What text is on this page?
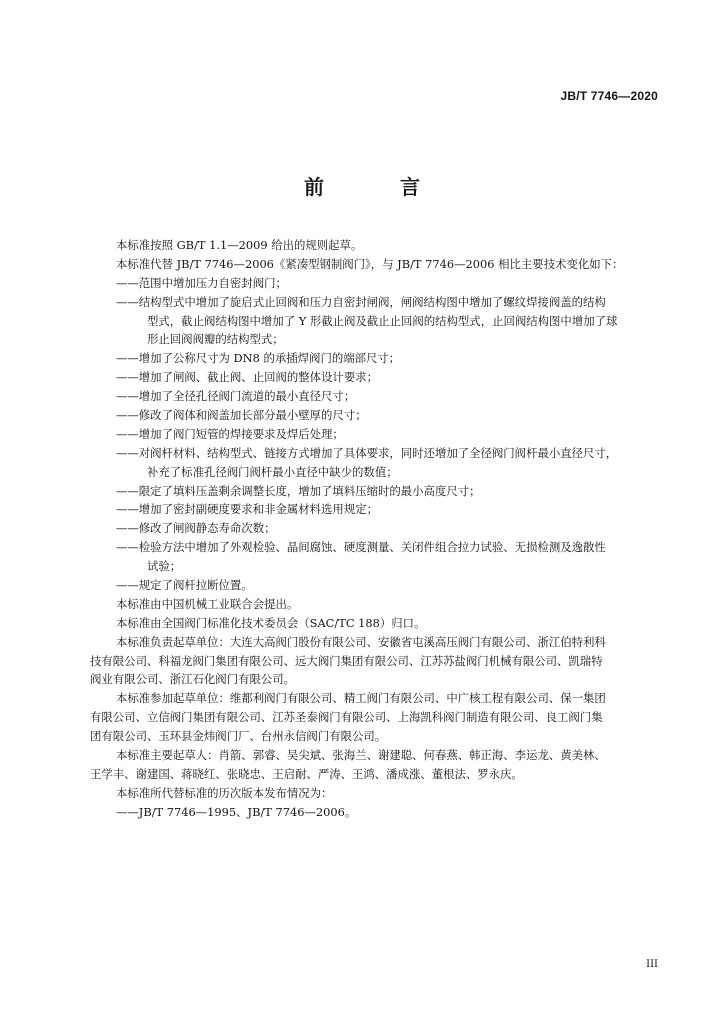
JB/T 7746—2020
前　言
本标准按照 GB/T 1.1—2009 给出的规则起草。
本标准代替 JB/T 7746—2006《紧凑型钢制阀门》，与 JB/T 7746—2006 相比主要技术变化如下：
——范围中增加压力自密封阀门；
——结构型式中增加了旋启式止回阀和压力自密封闸阀，闸阀结构图中增加了螺纹焊接阀盖的结构
型式，截止阀结构图中增加了 Y 形截止阀及截止止回阀的结构型式，止回阀结构图中增加了球
形止回阀阀瓣的结构型式；
——增加了公称尺寸为 DN8 的承插焊阀门的端部尺寸；
——增加了闸阀、截止阀、止回阀的整体设计要求；
——增加了全径孔径阀门流道的最小直径尺寸；
——修改了阀体和阀盖加长部分最小壁厚的尺寸；
——增加了阀门短管的焊接要求及焊后处理；
——对阀杆材料、结构型式、链接方式增加了具体要求，同时还增加了全径阀门阀杆最小直径尺寸，
补充了标准孔径阀门阀杆最小直径中缺少的数值；
——限定了填料压盖剩余调整长度，增加了填料压缩时的最小高度尺寸；
——增加了密封副硬度要求和非金属材料选用规定；
——修改了闸阀静态寿命次数；
——检验方法中增加了外观检验、晶间腐蚀、硬度测量、关闭件组合拉力试验、无损检测及逸散性
试验；
——规定了阀杆拉断位置。
本标准由中国机械工业联合会提出。
本标准由全国阀门标准化技术委员会（SAC/TC 188）归口。
本标准负责起草单位：大连大高阀门股份有限公司、安徽省屯溪高压阀门有限公司、浙江伯特利科
技有限公司、科福龙阀门集团有限公司、远大阀门集团有限公司、江苏苏盐阀门机械有限公司、凯瑞特
阀业有限公司、浙江石化阀门有限公司。
本标准参加起草单位：维都利阀门有限公司、精工阀门有限公司、中广核工程有限公司、保一集团
有限公司、立信阀门集团有限公司、江苏圣泰阀门有限公司、上海凯科阀门制造有限公司、良工阀门集
团有限公司、玉环县金炜阀门厂、台州永信阀门有限公司。
本标准主要起草人：肖箭、郭睿、吴尖斌、张海兰、谢建聪、何春燕、韩正海、李运龙、黄美林、
王学丰、谢建国、蒋晓红、张晓忠、王启耐、严涛、王鸿、潘成涨、董根法、罗永庆。
本标准所代替标准的历次版本发布情况为：
——JB/T 7746—1995、JB/T 7746—2006。
III
